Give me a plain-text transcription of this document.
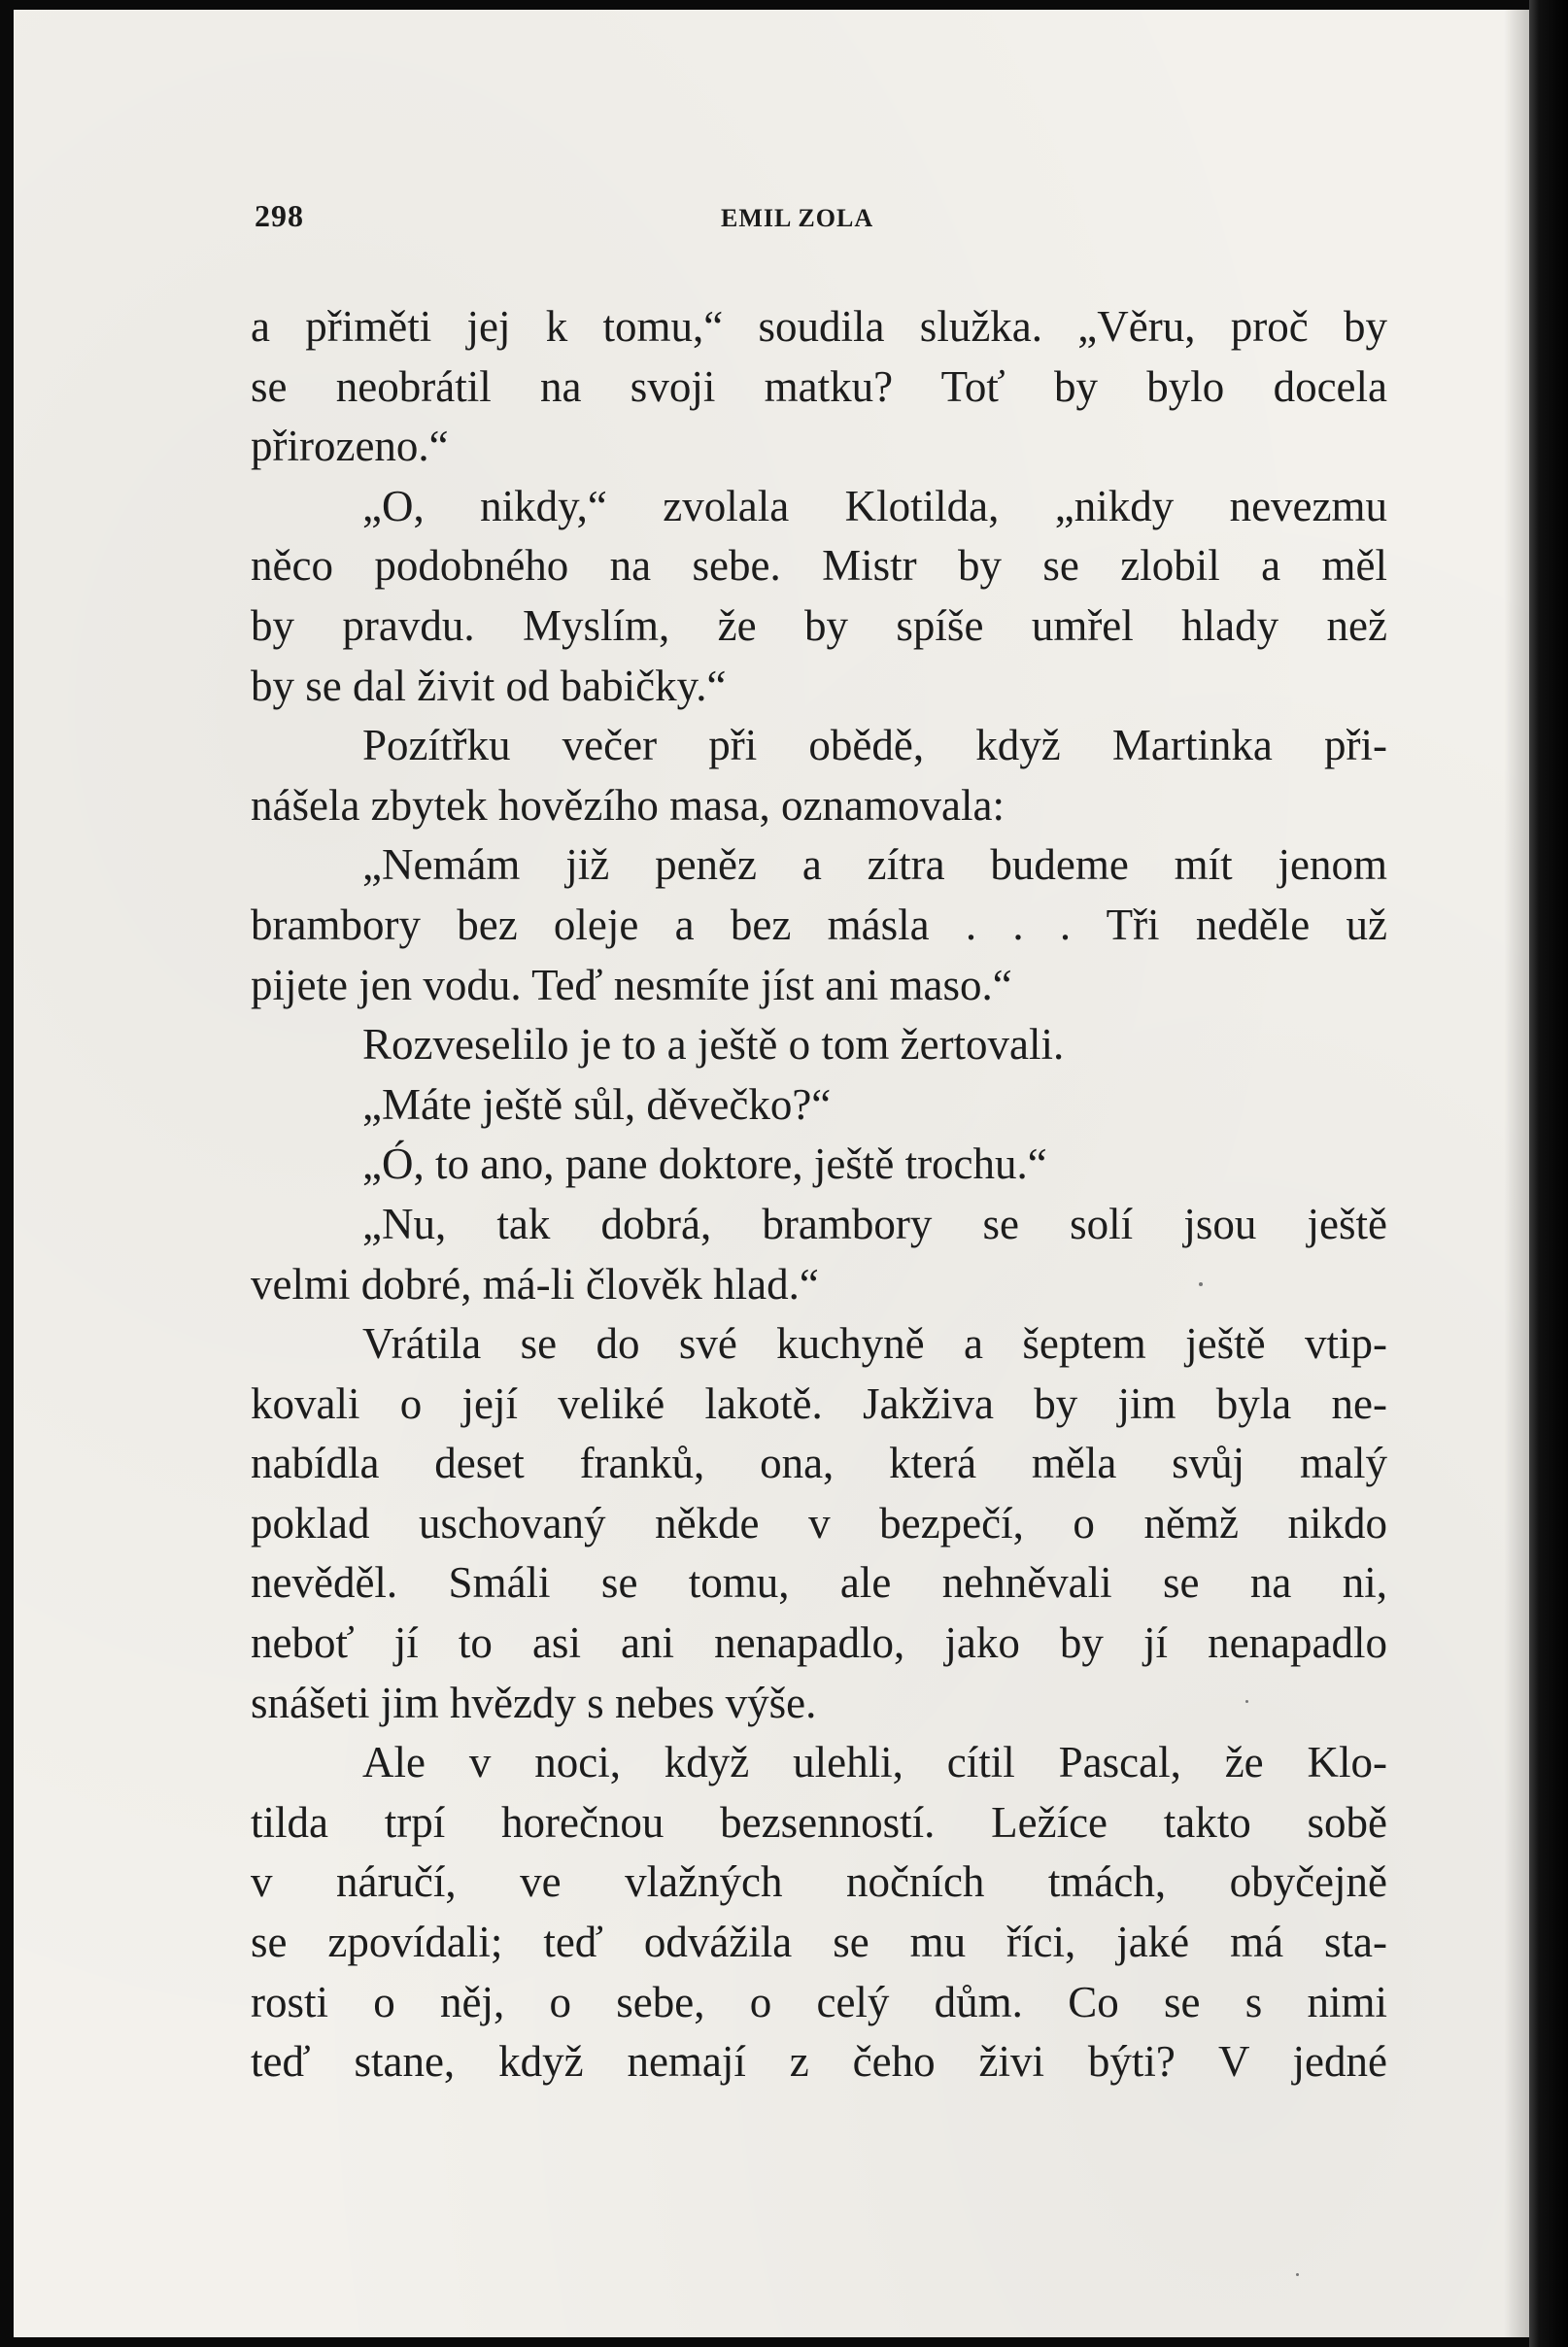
298	EMIL ZOLA
a přiměti jej k tomu,“ soudila služka. „Věru, proč by
se neobrátil na svoji matku? Toť by bylo docela
přirozeno.“
„O, nikdy,“ zvolala Klotilda, „nikdy nevezmu
něco podobného na sebe. Mistr by se zlobil a měl
by pravdu. Myslím, že by spíše umřel hlady než
by se dal živit od babičky.“
Pozítřku večer při obědě, když Martinka při-
nášela zbytek hovězího masa, oznamovala:
„Nemám již peněz a zítra budeme mít jenom
brambory bez oleje a bez másla . . . Tři neděle už
pijete jen vodu. Teď nesmíte jíst ani maso.“
Rozveselilo je to a ještě o tom žertovali.
„Máte ještě sůl, děvečko?“
„Ó, to ano, pane doktore, ještě trochu.“
„Nu, tak dobrá, brambory se solí jsou ještě
velmi dobré, má-li člověk hlad.“
Vrátila se do své kuchyně a šeptem ještě vtip-
kovali o její veliké lakotě. Jakživa by jim byla ne-
nabídla deset franků, ona, která měla svůj malý
poklad uschovaný někde v bezpečí, o němž nikdo
nevěděl. Smáli se tomu, ale nehněvali se na ni,
neboť jí to asi ani nenapadlo, jako by jí nenapadlo
snášeti jim hvězdy s nebes výše.
Ale v noci, když ulehli, cítil Pascal, že Klo-
tilda trpí horečnou bezsenností. Ležíce takto sobě
v náručí, ve vlažných nočních tmách, obyčejně
se zpovídali; teď odvážila se mu říci, jaké má sta-
rosti o něj, o sebe, o celý dům. Co se s nimi
teď stane, když nemají z čeho živi býti? V jedné
